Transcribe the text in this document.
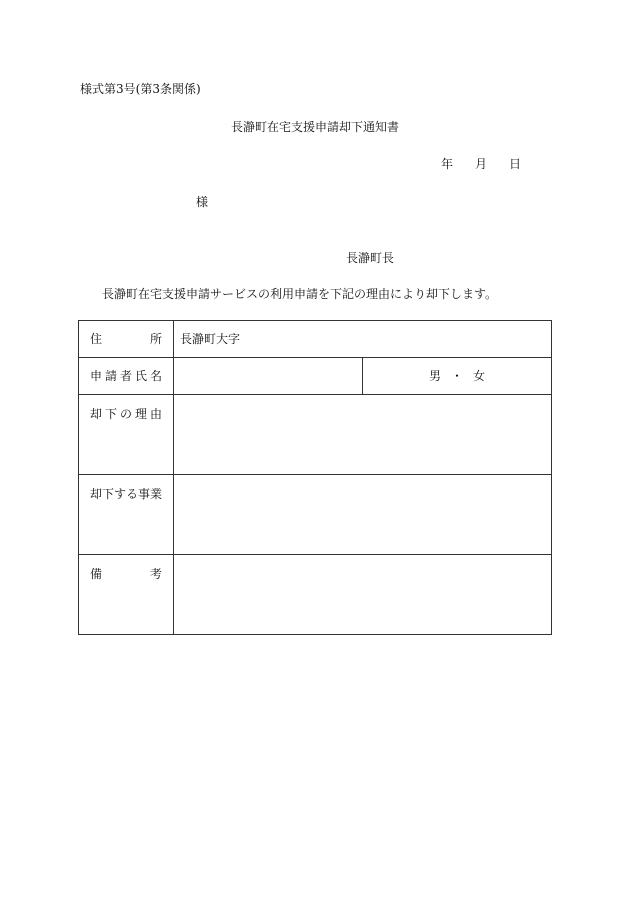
様式第3号(第3条関係)
長瀞町在宅支援申請却下通知書
年 月 日
様
長瀞町長
長瀞町在宅支援申請サービスの利用申請を下記の理由により却下します。
住 所	長瀞町大字	

申 請 者 氏 名		男 ・ 女

却 下 の 理 由		

却下する事業		

備 考		
